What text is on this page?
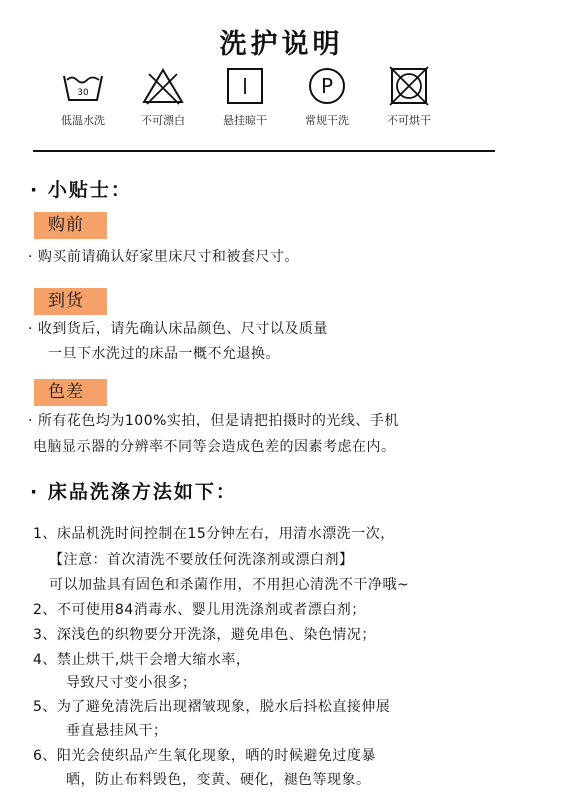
洗护说明
30
低温水洗	不可漂白	悬挂晾干
P
常规干洗	不可烘干
· 小贴士：
购前
· 购买前请确认好家里床尺寸和被套尺寸。
到货
· 收到货后，请先确认床品颜色、尺寸以及质量
一旦下水洗过的床品一概不允退换。
色差
· 所有花色均为100%实拍，但是请把拍摄时的光线、手机
电脑显示器的分辨率不同等会造成色差的因素考虑在内。
· 床品洗涤方法如下：
1、床品机洗时间控制在15分钟左右，用清水漂洗一次，
【注意：首次清洗不要放任何洗涤剂或漂白剂】
可以加盐具有固色和杀菌作用，不用担心清洗不干净哦~
2、不可使用84消毒水、婴儿用洗涤剂或者漂白剂；
3、深浅色的织物要分开洗涤，避免串色、染色情况；
4、禁止烘干,烘干会增大缩水率，
导致尺寸变小很多；
5、为了避免清洗后出现褶皱现象，脱水后抖松直接伸展
垂直悬挂风干；
6、阳光会使织品产生氧化现象，晒的时候避免过度暴
晒，防止布料毁色，变黄、硬化，褪色等现象。
